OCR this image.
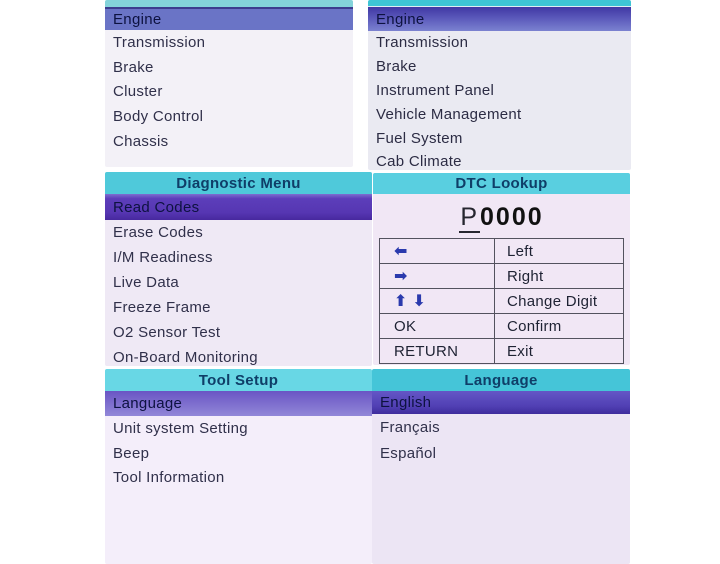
Engine
Transmission
Brake
Cluster
Body Control
Chassis
Engine
Transmission
Brake
Instrument Panel
Vehicle Management
Fuel System
Cab Climate
Diagnostic Menu
Read Codes
Erase Codes
I/M Readiness
Live Data
Freeze Frame
O2 Sensor Test
On-Board Monitoring
DTC Lookup
P0000
⬅	Left
➡	Right
⬆ ⬇	Change Digit
OK	Confirm
RETURN	Exit
Tool Setup
Language
Unit system Setting
Beep
Tool Information
Language
English
Français
Español
